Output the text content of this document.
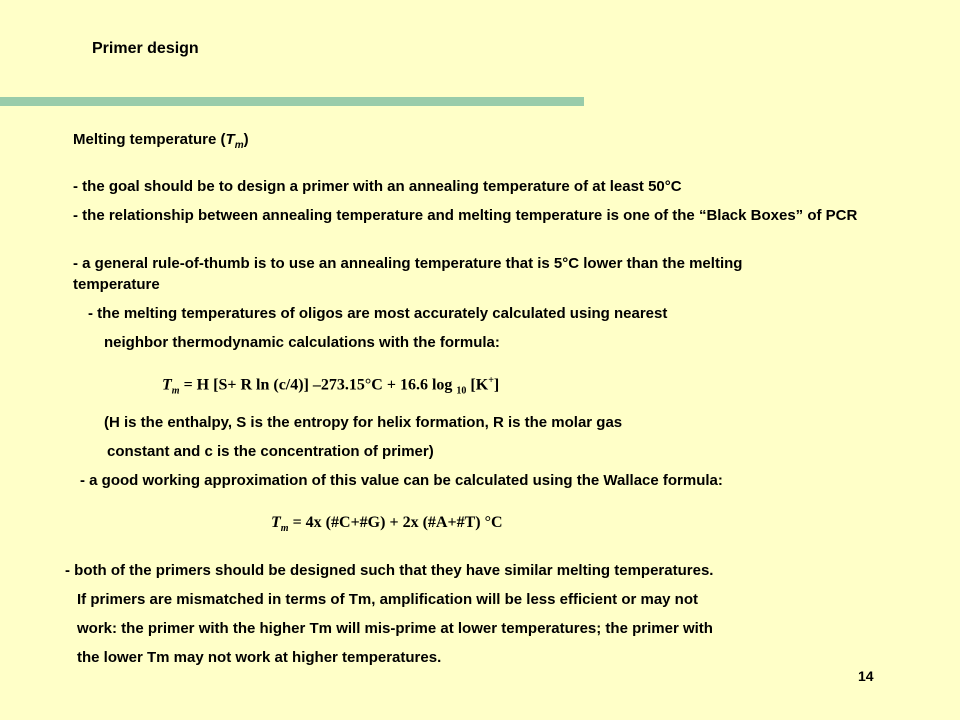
Primer design
Melting temperature $(T_m)$
- the goal should be to design a primer with an annealing temperature of at least 50°C
- the relationship between annealing temperature and melting temperature is one of the “Black Boxes” of PCR
- a general rule-of-thumb is to use an annealing temperature that is 5°C lower than the melting
temperature
- the melting temperatures of oligos are most accurately calculated using nearest
neighbor thermodynamic calculations with the formula:
$T_m = H$ [S+ R ln (c/4)] –273.15°C + 16.6 log $_{10}$ [K+]
(H is the enthalpy, S is the entropy for helix formation, R is the molar gas
constant and c is the concentration of primer)
- a good working approximation of this value can be calculated using the Wallace formula:
$T_m = 4x$ (#C+#G) + 2x (#A+#T) °C
- both of the primers should be designed such that they have similar melting temperatures.
If primers are mismatched in terms of Tm, amplification will be less efficient or may not
work: the primer with the higher Tm will mis-prime at lower temperatures; the primer with
the lower Tm may not work at higher temperatures.
14
